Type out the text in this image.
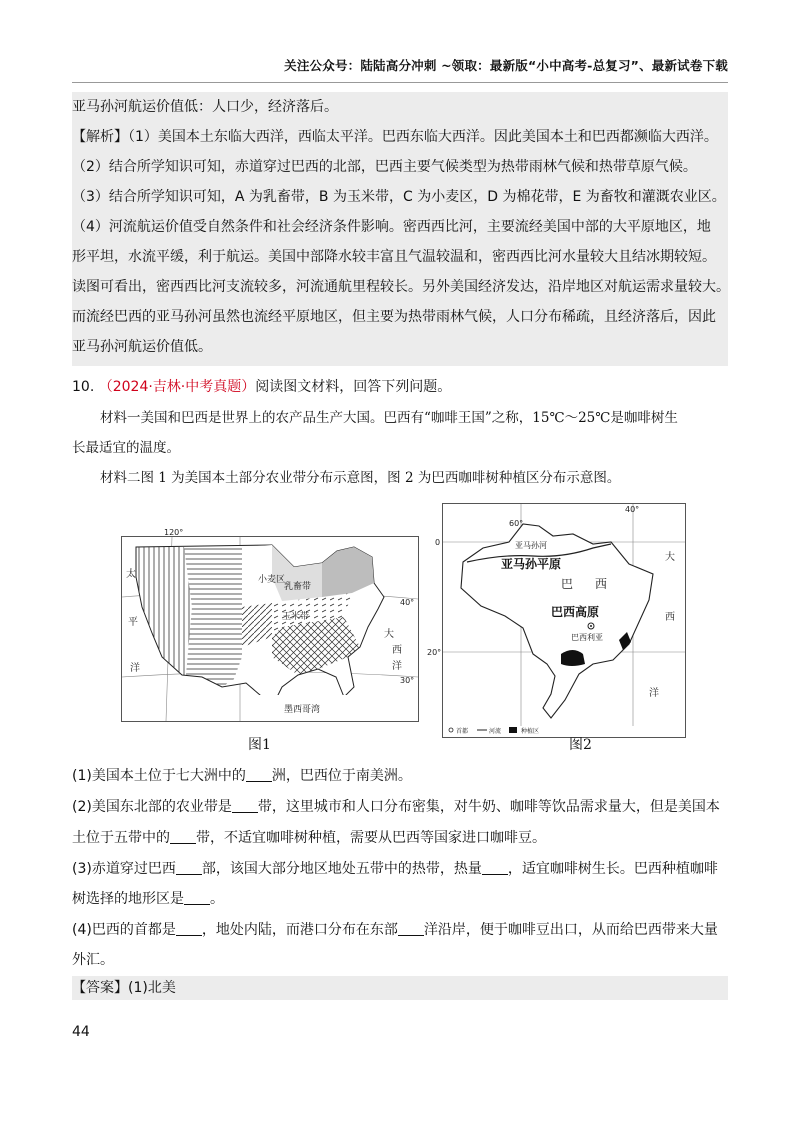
关注公众号：陆陆高分冲刺 ~领取：最新版“小中高考-总复习”、最新试卷下载
亚马孙河航运价值低：人口少，经济落后。
【解析】（1）美国本土东临大西洋，西临太平洋。巴西东临大西洋。因此美国本土和巴西都濒临大西洋。
（2）结合所学知识可知，赤道穿过巴西的北部，巴西主要气候类型为热带雨林气候和热带草原气候。
（3）结合所学知识可知，A 为乳畜带，B 为玉米带，C 为小麦区，D 为棉花带，E 为畜牧和灌溉农业区。
（4）河流航运价值受自然条件和社会经济条件影响。密西西比河，主要流经美国中部的大平原地区，地
形平坦，水流平缓，利于航运。美国中部降水较丰富且气温较温和，密西西比河水量较大且结冰期较短。
读图可看出，密西西比河支流较多，河流通航里程较长。另外美国经济发达，沿岸地区对航运需求量较大。
而流经巴西的亚马孙河虽然也流经平原地区，但主要为热带雨林气候，人口分布稀疏，且经济落后，因此
亚马孙河航运价值低。
10. （2024·吉林·中考真题）阅读图文材料，回答下列问题。
材料一美国和巴西是世界上的农产品生产大国。巴西有“咖啡王国”之称，15℃～25℃是咖啡树生
长最适宜的温度。
材料二图 1 为美国本土部分农业带分布示意图，图 2 为巴西咖啡树种植区分布示意图。
墨西哥湾
小麦区
乳畜带
玉米带
120°
40°
30°
太
平
洋
大
西
洋
图1
60°
40°
0
20°
亚马孙河
亚马孙平原
巴 西
巴西高原
巴西利亚
大
西
洋
首都	河流	种植区
图2
(1)美国本土位于七大洲中的 洲，巴西位于南美洲。
(2)美国东北部的农业带是 带，这里城市和人口分布密集，对牛奶、咖啡等饮品需求量大，但是美国本
土位于五带中的 带，不适宜咖啡树种植，需要从巴西等国家进口咖啡豆。
(3)赤道穿过巴西 部，该国大部分地区地处五带中的热带，热量 ，适宜咖啡树生长。巴西种植咖啡
树选择的地形区是 。
(4)巴西的首都是 ，地处内陆，而港口分布在东部 洋沿岸，便于咖啡豆出口，从而给巴西带来大量
外汇。
【答案】(1)北美
44
